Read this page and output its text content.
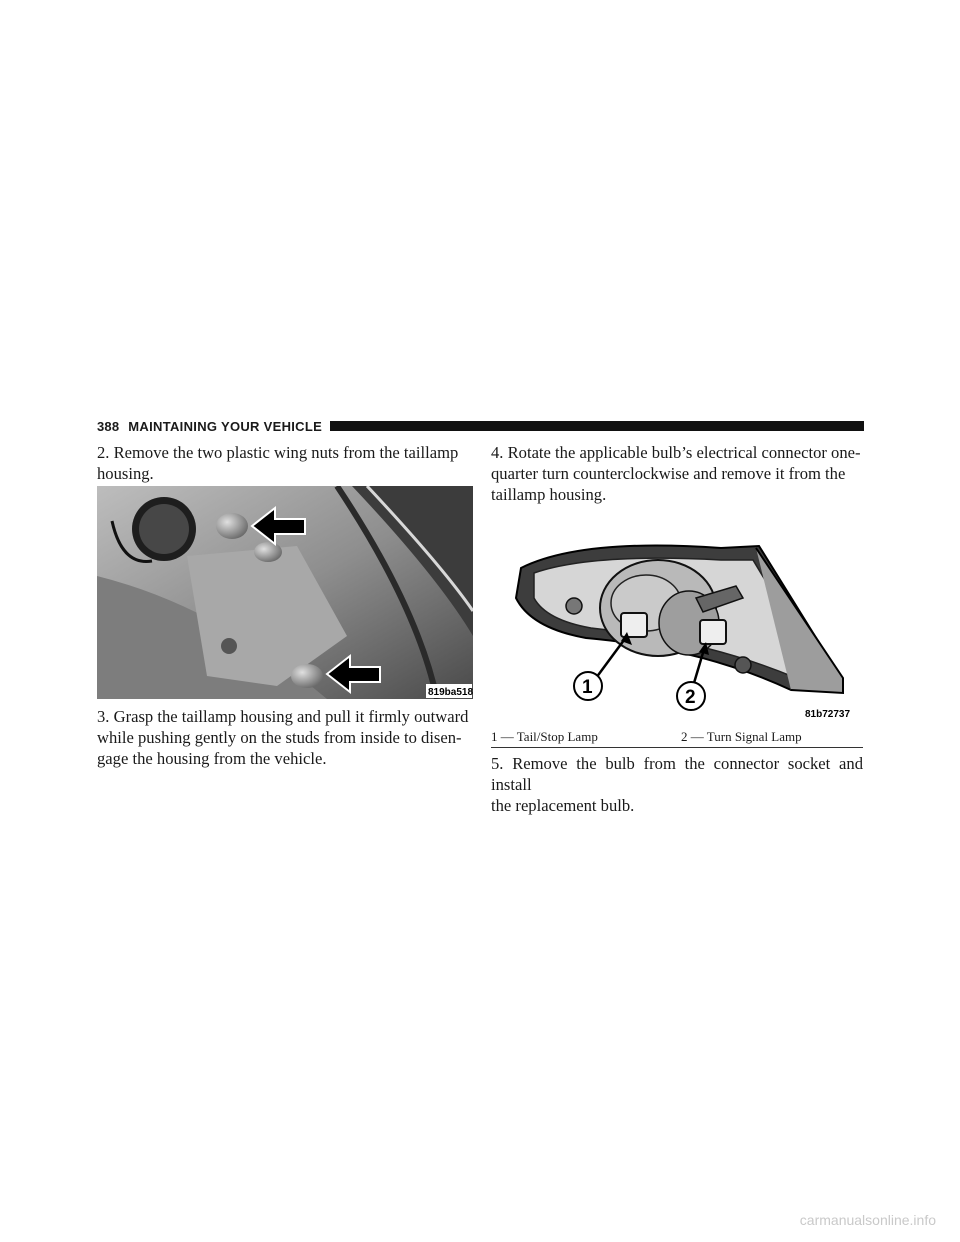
388 MAINTAINING YOUR VEHICLE
2. Remove the two plastic wing nuts from the taillamp

housing.
819ba518
3. Grasp the taillamp housing and pull it firmly outward
while pushing gently on the studs from inside to disen-

gage the housing from the vehicle.
4. Rotate the applicable bulb’s electrical connector one-
quarter turn counterclockwise and remove it from the

taillamp housing.
1	2
81b72737
1 — Tail/Stop Lamp	2 — Turn Signal Lamp
5. Remove the bulb from the connector socket and install

the replacement bulb.
carmanualsonline.info
